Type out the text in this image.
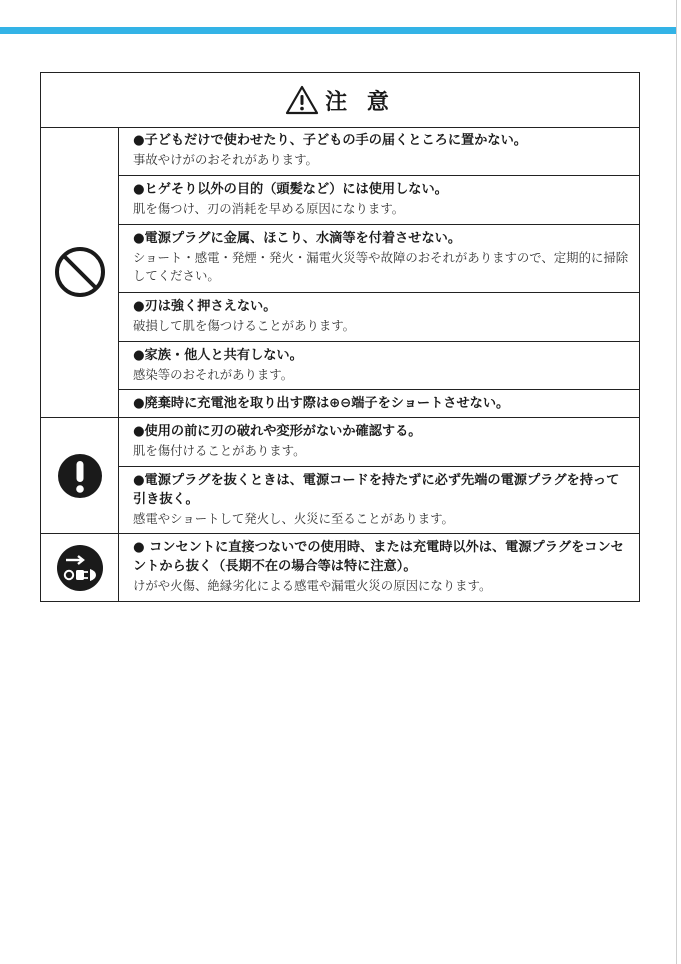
注 意
●子どもだけで使わせたり、子どもの手の届くところに置かない。
事故やけがのおそれがあります。
●ヒゲそり以外の目的（頭髪など）には使用しない。
肌を傷つけ、刃の消耗を早める原因になります。
●電源プラグに金属、ほこり、水滴等を付着させない。
ショート・感電・発煙・発火・漏電火災等や故障のおそれがありますので、定期的に掃除してください。
●刃は強く押さえない。
破損して肌を傷つけることがあります。
●家族・他人と共有しない。
感染等のおそれがあります。
●廃棄時に充電池を取り出す際は⊕⊖端子をショートさせない。
●使用の前に刃の破れや変形がないか確認する。
肌を傷付けることがあります。
●電源プラグを抜くときは、電源コードを持たずに必ず先端の電源プラグを持って引き抜く。
感電やショートして発火し、火災に至ることがあります。
● コンセントに直接つないでの使用時、または充電時以外は、電源プラグをコンセントから抜く（長期不在の場合等は特に注意）。
けがや火傷、絶縁劣化による感電や漏電火災の原因になります。
